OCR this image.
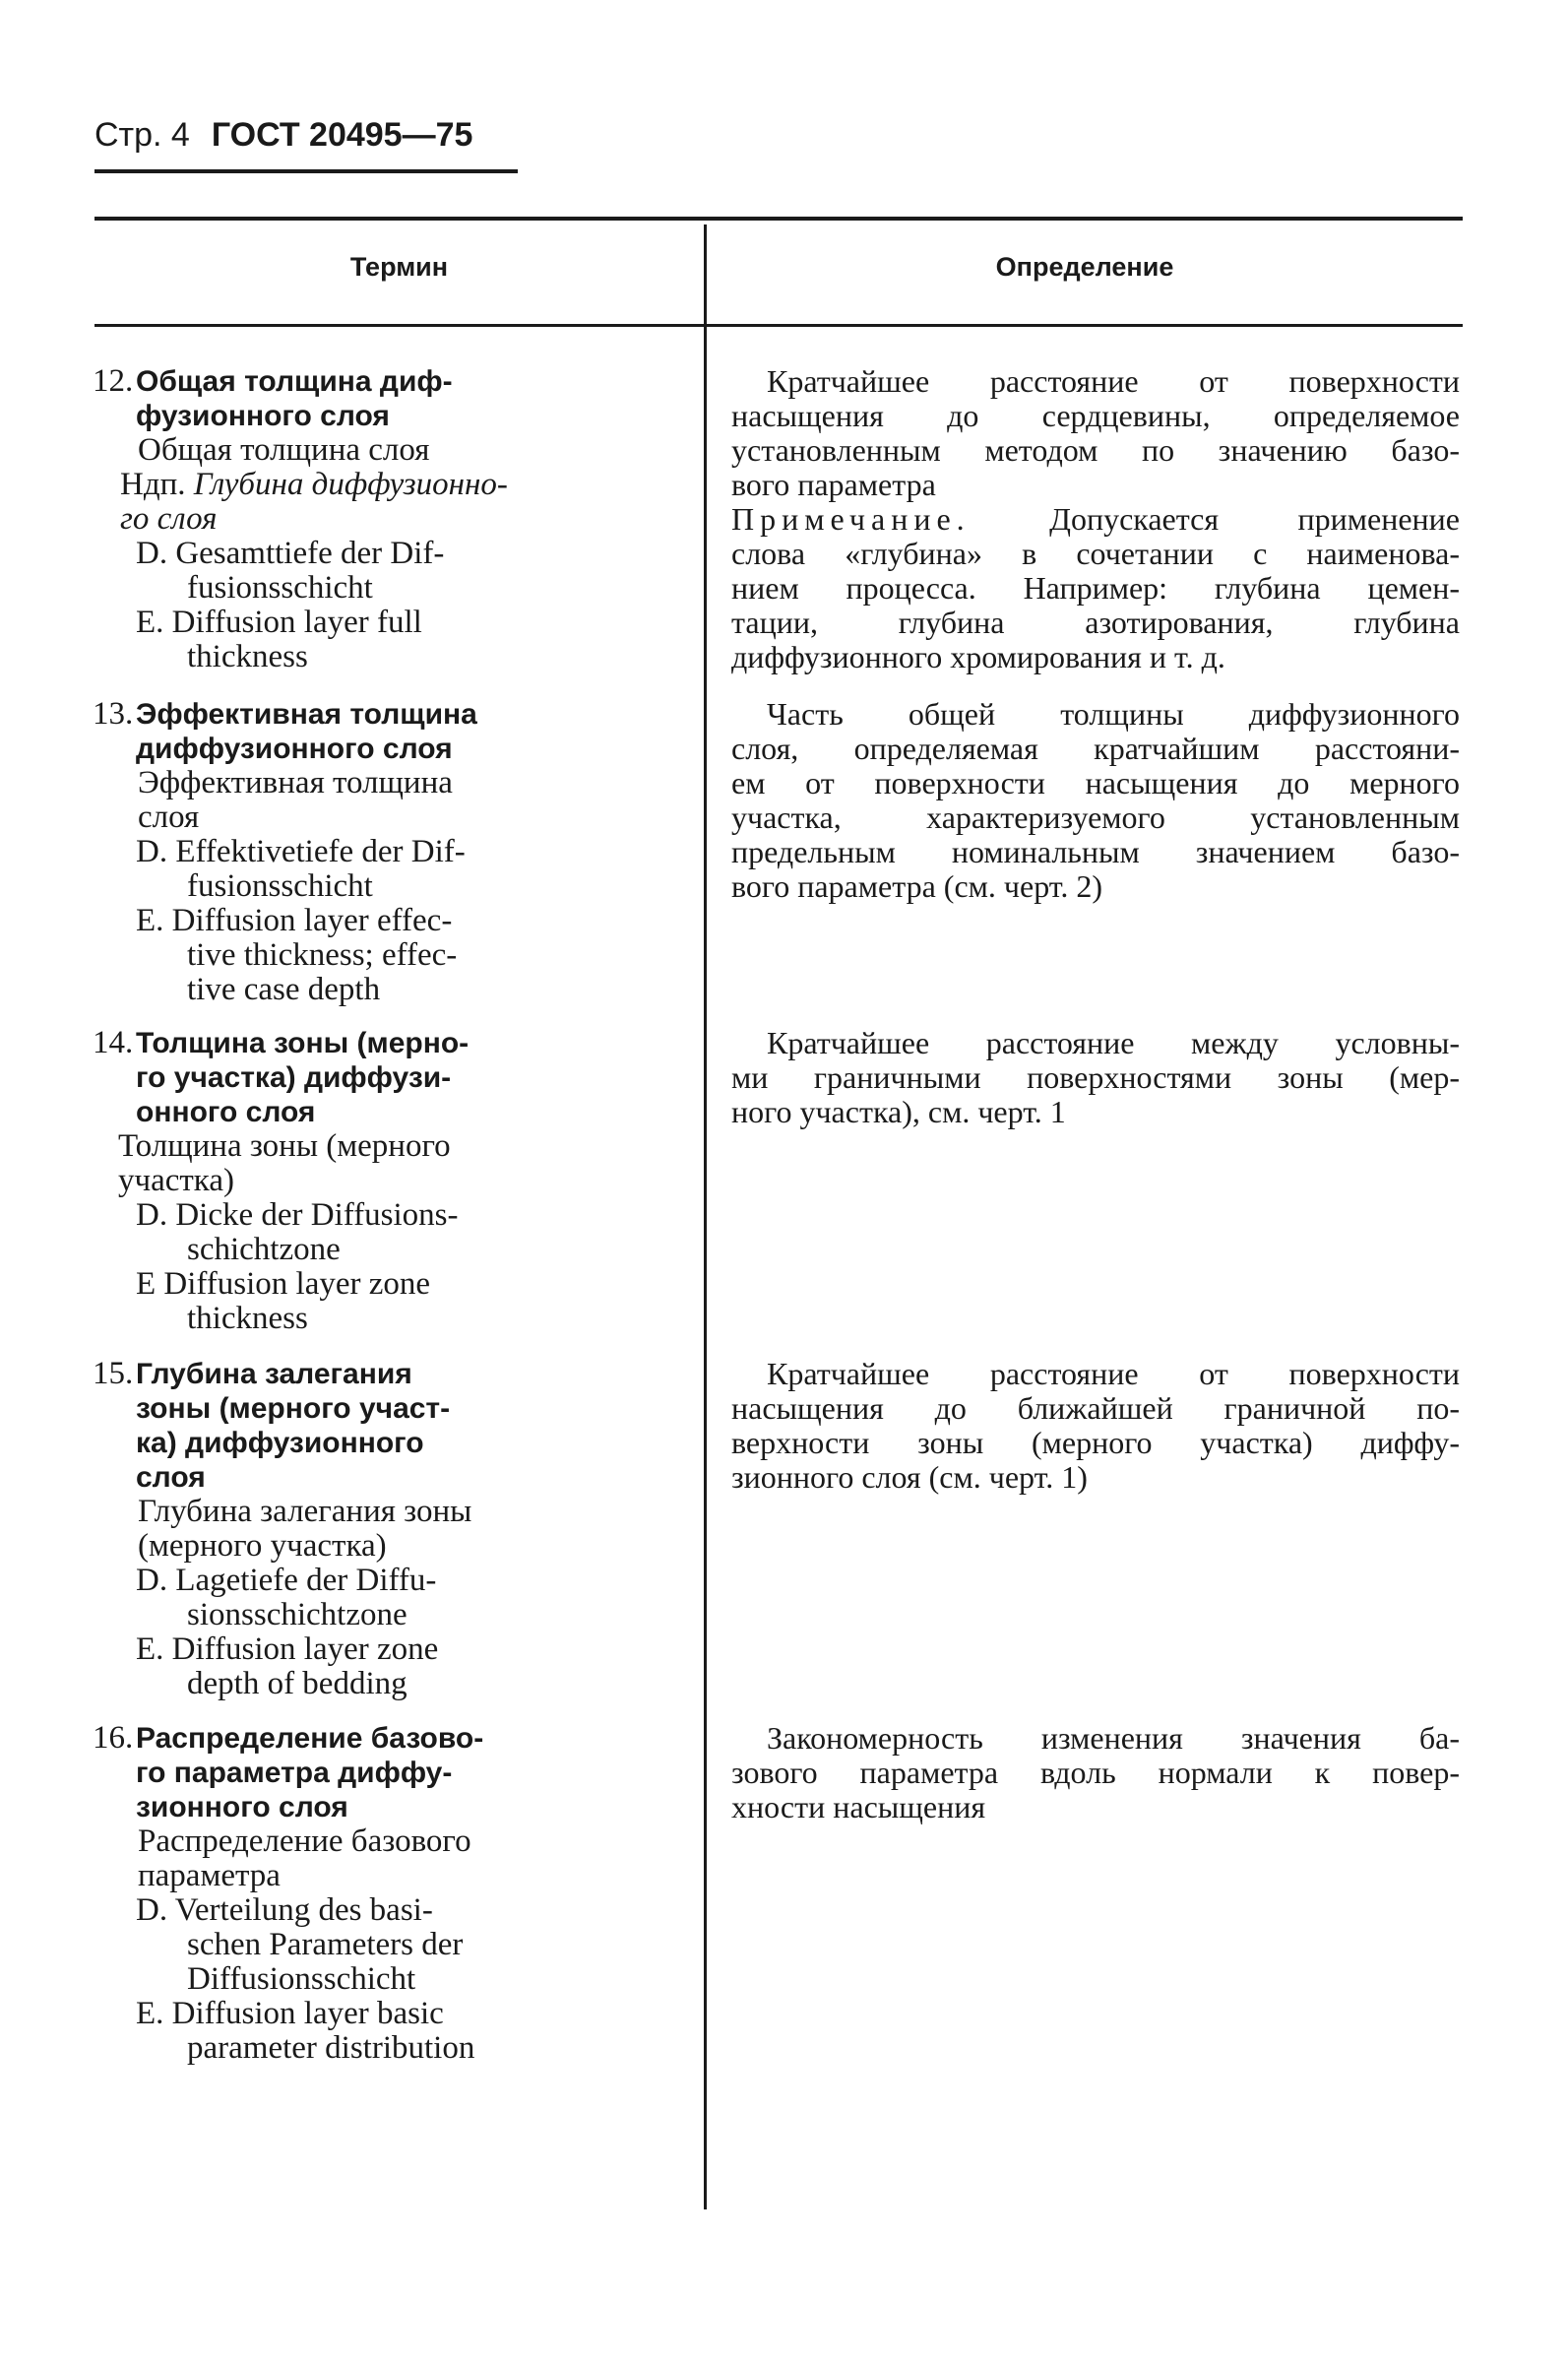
Стр. 4 ГОСТ 20495—75
Термин	Определение
12. Общая толщина диф-
фузионного слоя
Общая толщина слоя
Ндп. Глубина диффузионно-
го слоя
D. Gesamttiefe der Dif-
fusionsschicht
E. Diffusion layer full
thickness
Кратчайшее расстояние от поверхности
насыщения до сердцевины, определяемое
установленным методом по значению базо-
вого параметра
Примечание.	Допускается применение
слова «глубина» в сочетании с наименова-
нием процесса. Например: глубина цемен-
тации, глубина азотирования, глубина
диффузионного хромирования и т. д.
13. Эффективная толщина
диффузионного слоя
Эффективная толщина
слоя
D. Effektivetiefe der Dif-
fusionsschicht
E. Diffusion layer effec-
tive thickness; effec-
tive case depth
Часть общей толщины диффузионного
слоя, определяемая кратчайшим расстояни-
ем от поверхности насыщения до мерного
участка, характеризуемого установленным
предельным номинальным значением базо-
вого параметра (см. черт. 2)
14. Толщина зоны (мерно-
го участка) диффузи-
онного слоя
Толщина зоны (мерного
участка)
D. Dicke der Diffusions-
schichtzone
E Diffusion layer zone
thickness
Кратчайшее расстояние между условны-
ми граничными поверхностями зоны (мер-
ного участка), см. черт. 1
15. Глубина залегания
зоны (мерного участ-
ка) диффузионного
слоя
Глубина залегания зоны
(мерного участка)
D. Lagetiefe der Diffu-
sionsschichtzone
E. Diffusion layer zone
depth of bedding
Кратчайшее расстояние от поверхности
насыщения до ближайшей граничной по-
верхности зоны (мерного участка) диффу-
зионного слоя (см. черт. 1)
16. Распределение базово-
го параметра диффу-
зионного слоя
Распределение базового
параметра
D. Verteilung des basi-
schen Parameters der
Diffusionsschicht
E. Diffusion layer basic
parameter distribution
Закономерность изменения значения ба-
зового параметра вдоль нормали к повер-
хности насыщения
